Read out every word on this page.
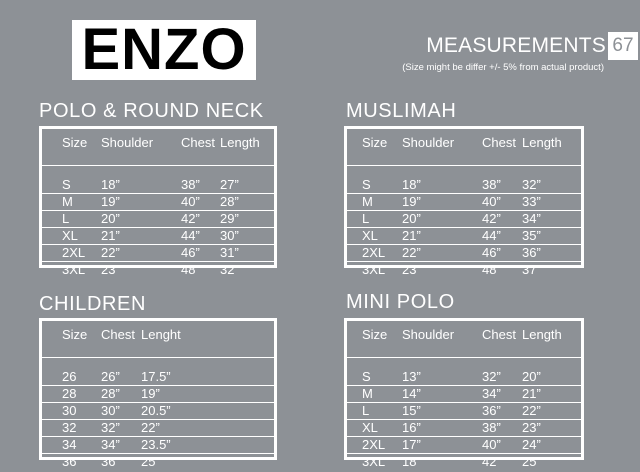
ENZO	MEASUREMENTS 67
(Size might be differ +/- 5% from actual product)
POLO & ROUND NECK
Size Shoulder Chest Length
S 18”	38” 27”
M 19”	40” 28”
L 20”	42” 29”
XL 21”	44” 30”
2XL 22”	46” 31”
3XL 23”	48” 32”
MUSLIMAH
Size Shoulder Chest Length
S 18”	38” 32”
M 19”	40” 33”
L	20”	42” 34”
XL 21”	44” 35”
2XL 22”	46” 36”
3XL 23”	48” 37”
CHILDREN
Size Chest Lenght
26 26” 17.5”
28 28” 19”
30 30” 20.5”
32 32” 22”
34 34” 23.5”
36 36” 25”
MINI POLO
Size Shoulder Chest Length
S 13”	32” 20”
M 14”	34” 21”
L	15”	36” 22”
XL 16”	38” 23”
2XL 17”	40” 24”
3XL 18”	42” 25”
